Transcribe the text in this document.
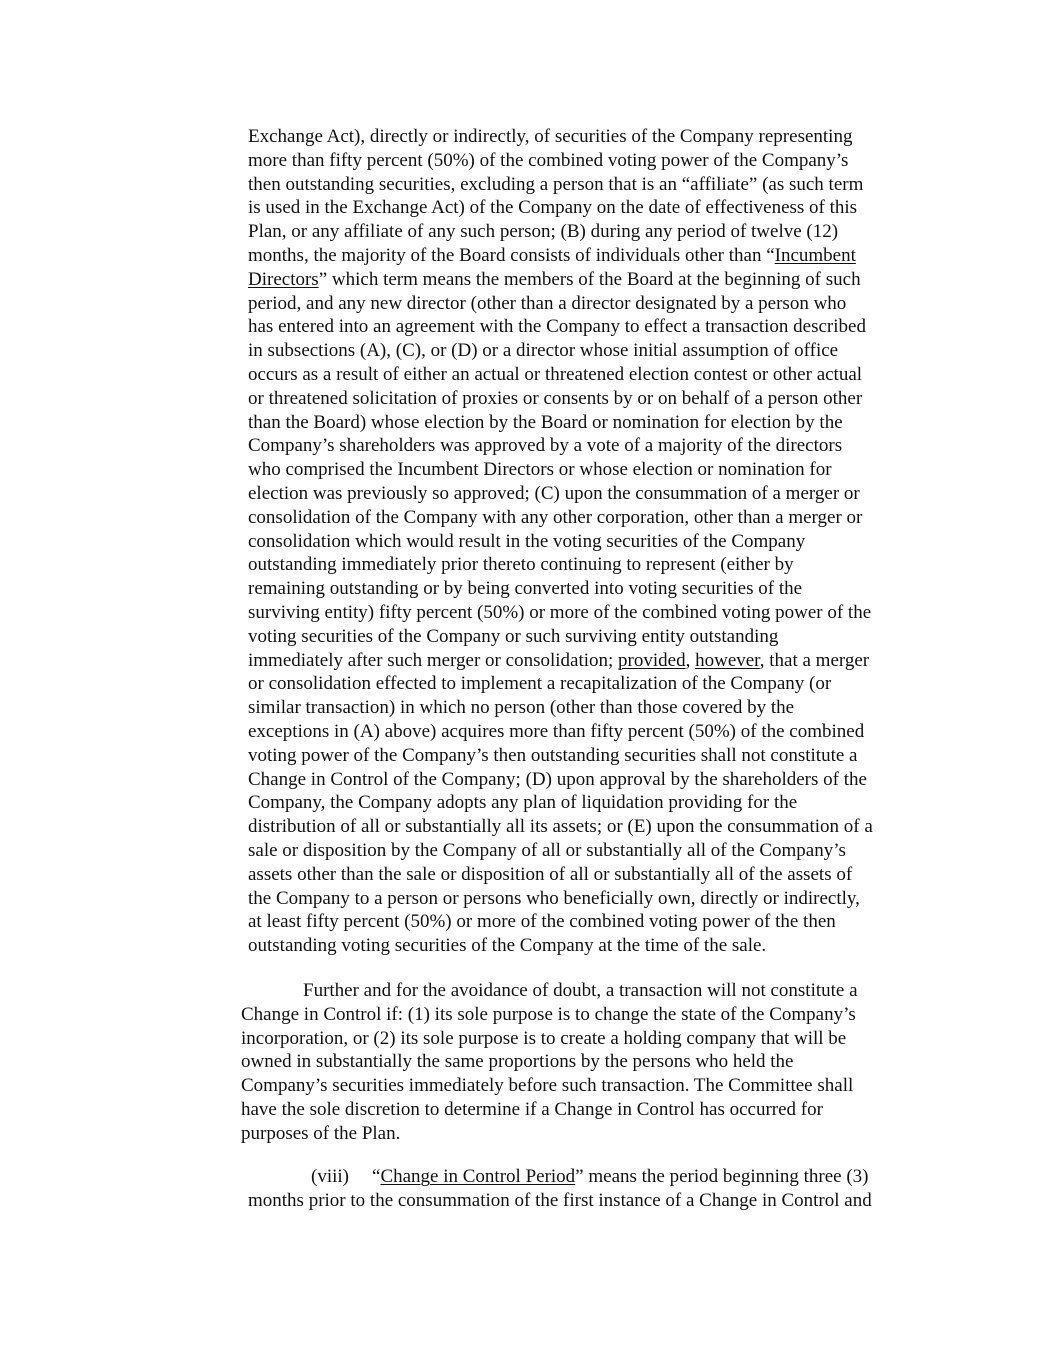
Exchange Act), directly or indirectly, of securities of the Company representing
more than fifty percent (50%) of the combined voting power of the Company’s
then outstanding securities, excluding a person that is an “affiliate” (as such term
is used in the Exchange Act) of the Company on the date of effectiveness of this
Plan, or any affiliate of any such person; (B) during any period of twelve (12)
months, the majority of the Board consists of individuals other than “Incumbent
Directors” which term means the members of the Board at the beginning of such
period, and any new director (other than a director designated by a person who
has entered into an agreement with the Company to effect a transaction described
in subsections (A), (C), or (D) or a director whose initial assumption of office
occurs as a result of either an actual or threatened election contest or other actual
or threatened solicitation of proxies or consents by or on behalf of a person other
than the Board) whose election by the Board or nomination for election by the
Company’s shareholders was approved by a vote of a majority of the directors
who comprised the Incumbent Directors or whose election or nomination for
election was previously so approved; (C) upon the consummation of a merger or
consolidation of the Company with any other corporation, other than a merger or
consolidation which would result in the voting securities of the Company
outstanding immediately prior thereto continuing to represent (either by
remaining outstanding or by being converted into voting securities of the
surviving entity) fifty percent (50%) or more of the combined voting power of the
voting securities of the Company or such surviving entity outstanding
immediately after such merger or consolidation; provided, however, that a merger
or consolidation effected to implement a recapitalization of the Company (or
similar transaction) in which no person (other than those covered by the
exceptions in (A) above) acquires more than fifty percent (50%) of the combined
voting power of the Company’s then outstanding securities shall not constitute a
Change in Control of the Company; (D) upon approval by the shareholders of the
Company, the Company adopts any plan of liquidation providing for the
distribution of all or substantially all its assets; or (E) upon the consummation of a
sale or disposition by the Company of all or substantially all of the Company’s
assets other than the sale or disposition of all or substantially all of the assets of
the Company to a person or persons who beneficially own, directly or indirectly,
at least fifty percent (50%) or more of the combined voting power of the then
outstanding voting securities of the Company at the time of the sale.
Further and for the avoidance of doubt, a transaction will not constitute a
Change in Control if: (1) its sole purpose is to change the state of the Company’s
incorporation, or (2) its sole purpose is to create a holding company that will be
owned in substantially the same proportions by the persons who held the
Company’s securities immediately before such transaction. The Committee shall
have the sole discretion to determine if a Change in Control has occurred for
purposes of the Plan.
(viii) “Change in Control Period” means the period beginning three (3)
months prior to the consummation of the first instance of a Change in Control and
